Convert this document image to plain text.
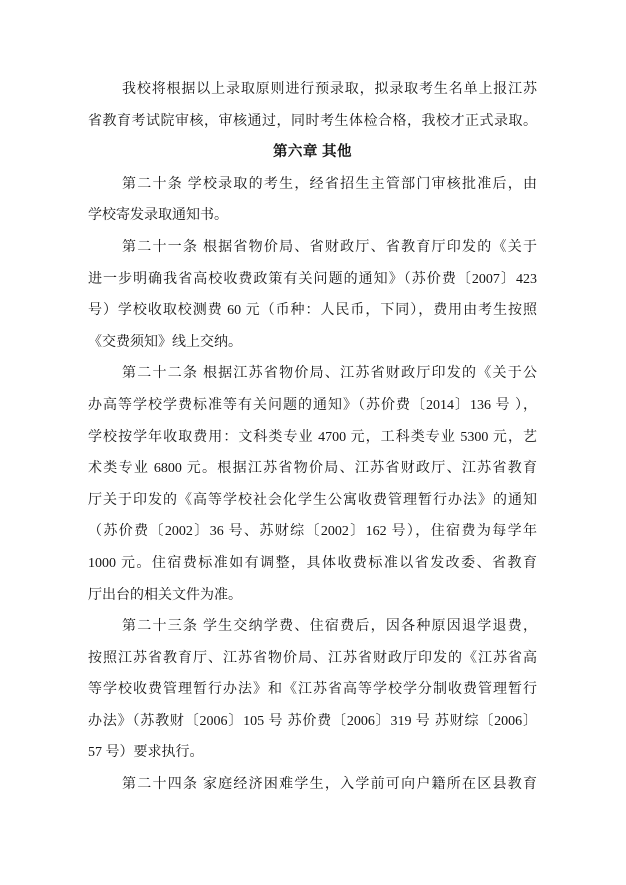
我校将根据以上录取原则进行预录取，拟录取考生名单上报江苏
省教育考试院审核，审核通过，同时考生体检合格，我校才正式录取。
第六章 其他
第二十条 学校录取的考生，经省招生主管部门审核批准后，由
学校寄发录取通知书。
第二十一条 根据省物价局、省财政厅、省教育厅印发的《关于
进一步明确我省高校收费政策有关问题的通知》（苏价费〔2007〕423
号）学校收取校测费 60 元（币种：人民币，下同），费用由考生按照
《交费须知》线上交纳。
第二十二条 根据江苏省物价局、江苏省财政厅印发的《关于公
办高等学校学费标准等有关问题的通知》（苏价费〔2014〕136 号 ），
学校按学年收取费用：文科类专业 4700 元，工科类专业 5300 元，艺
术类专业 6800 元。根据江苏省物价局、江苏省财政厅、江苏省教育
厅关于印发的《高等学校社会化学生公寓收费管理暂行办法》的通知
（苏价费〔2002〕36 号、苏财综〔2002〕162 号），住宿费为每学年
1000 元。住宿费标准如有调整，具体收费标准以省发改委、省教育
厅出台的相关文件为准。
第二十三条 学生交纳学费、住宿费后，因各种原因退学退费，
按照江苏省教育厅、江苏省物价局、江苏省财政厅印发的《江苏省高
等学校收费管理暂行办法》和《江苏省高等学校学分制收费管理暂行
办法》（苏教财〔2006〕105 号 苏价费〔2006〕319 号 苏财综〔2006〕
57 号）要求执行。
第二十四条 家庭经济困难学生，入学前可向户籍所在区县教育
